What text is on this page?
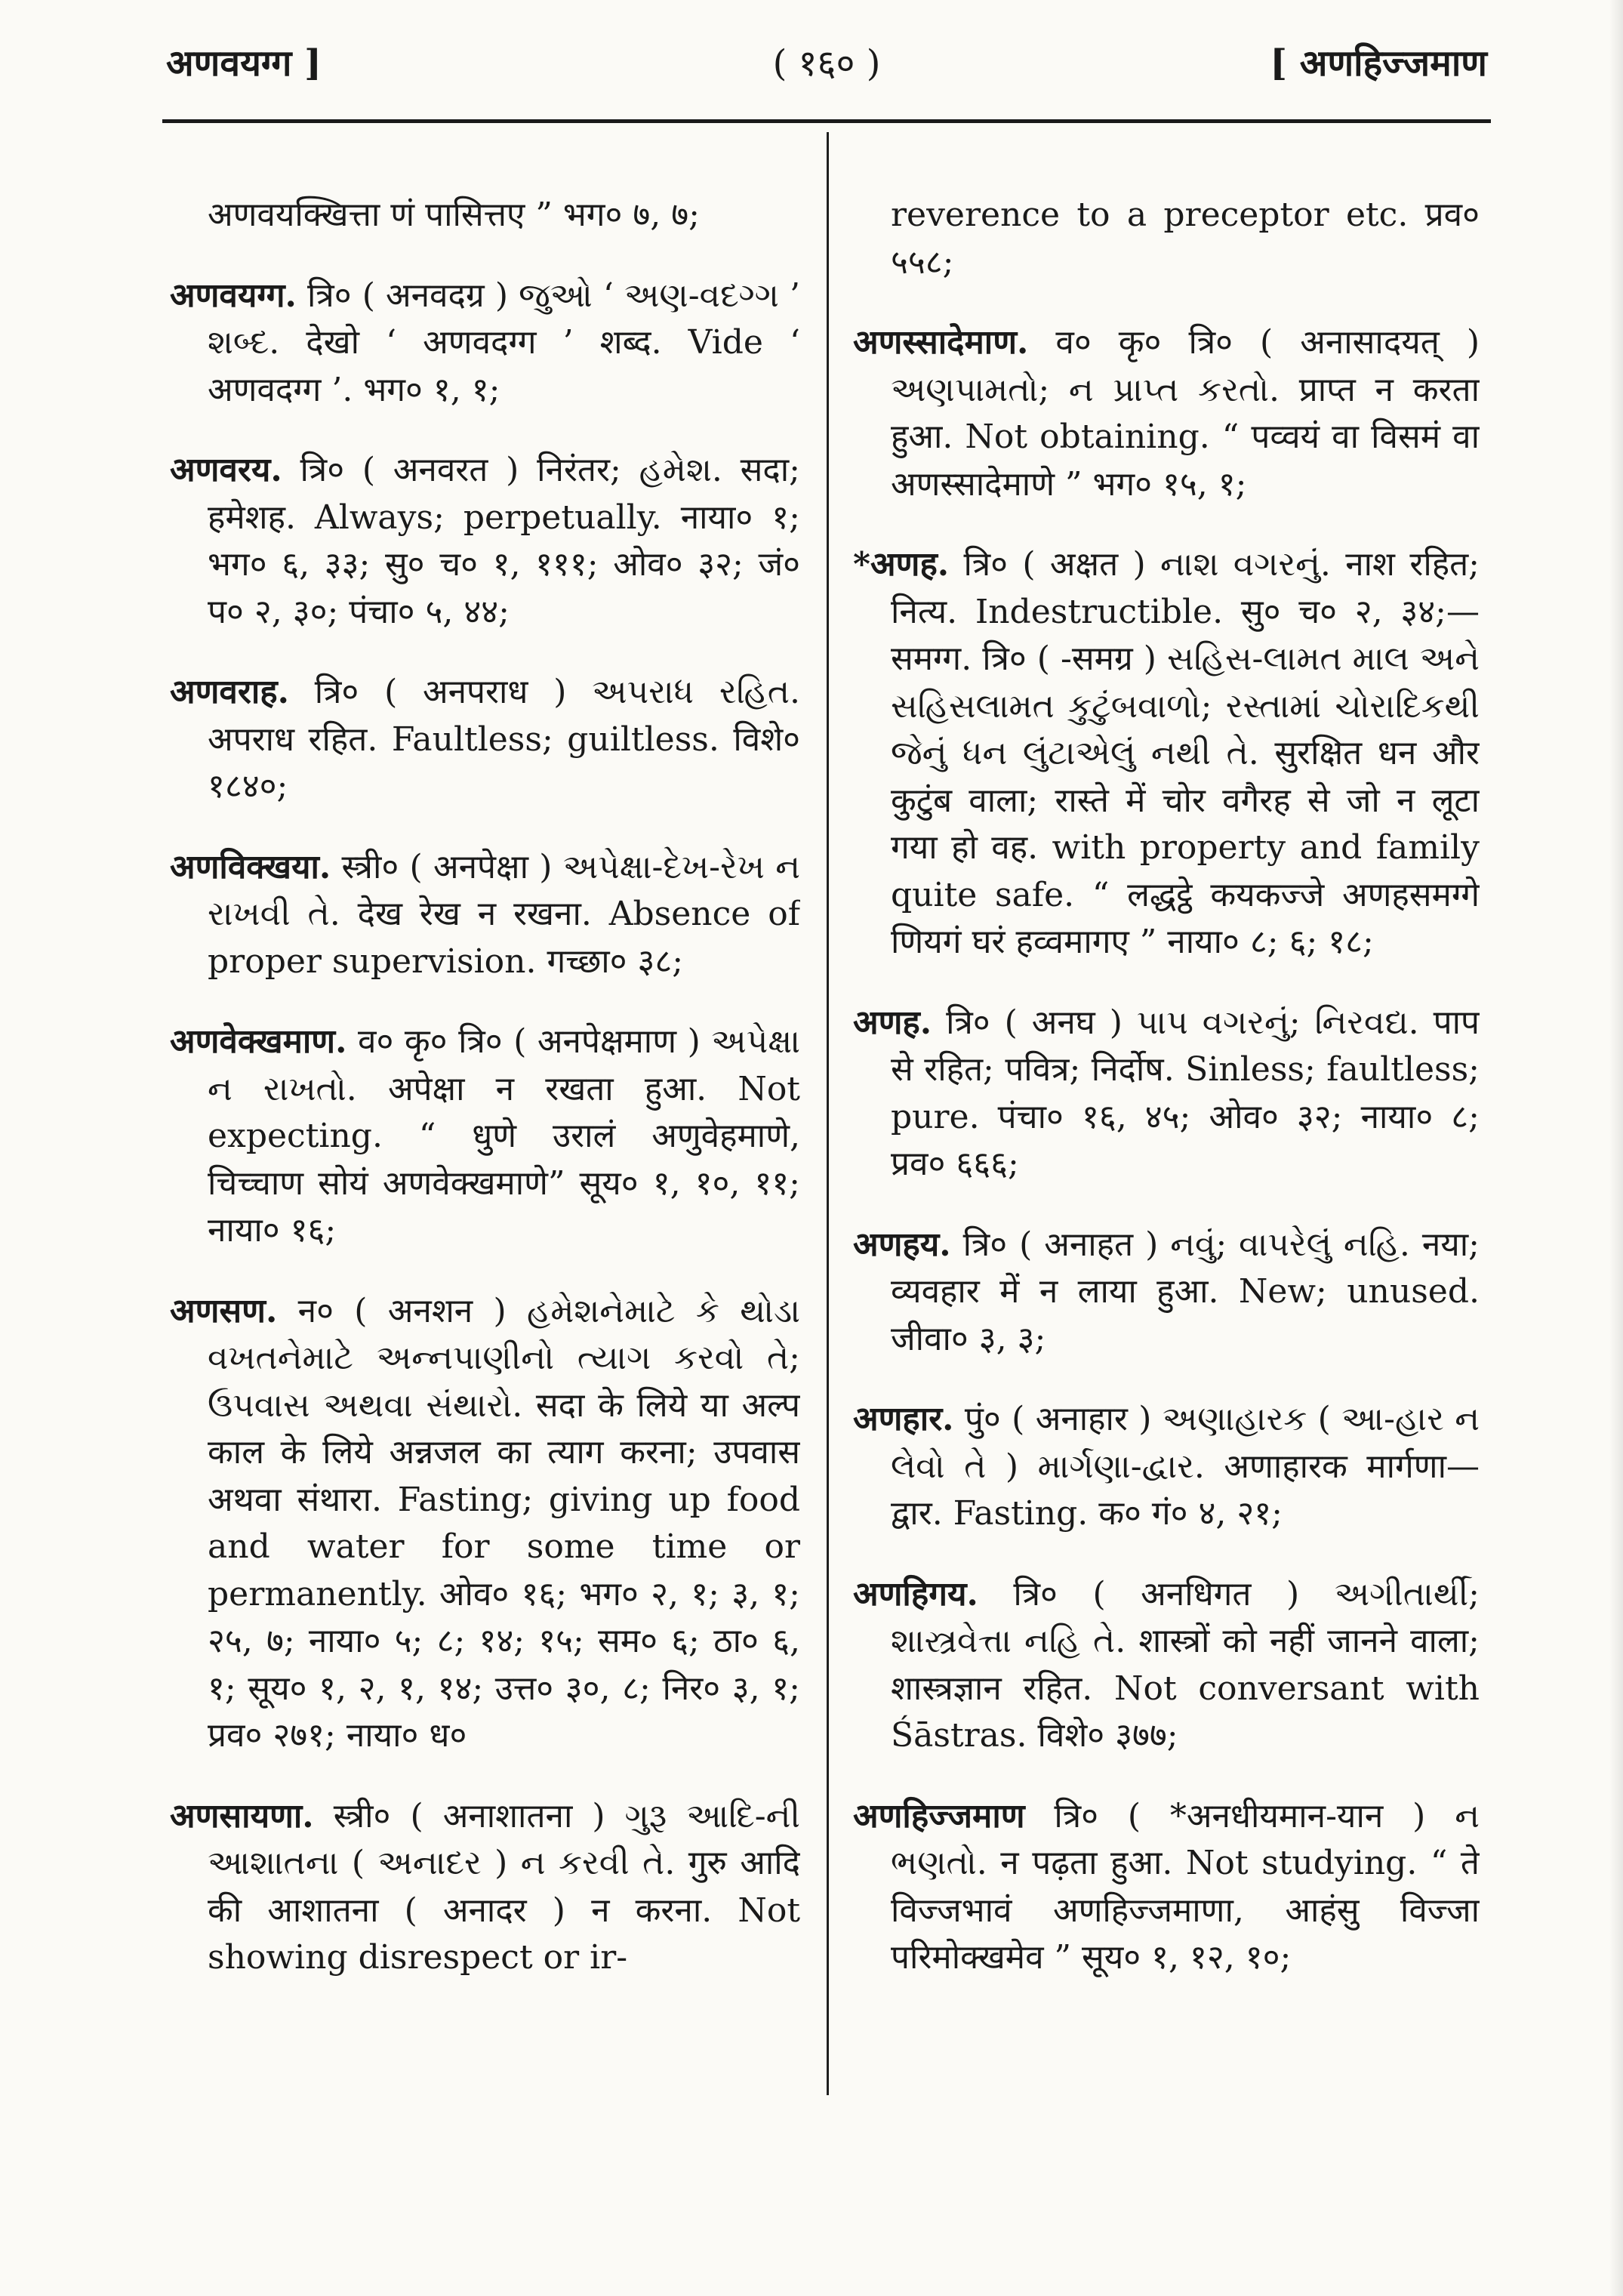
अणवयग्ग ]	( १६० )	[ अणहिज्जमाण

अणवयक्खित्ता णं पासित्तए ” भग० ७, ७;

अणवयग्ग. त्रि० ( अनवदग्र ) જુઓ ‘ અણ-વદગ્ગ ’ શબ્દ. देखो ‘ अणवदग्ग ’ शब्द. Vide ‘ अणवदग्ग ’. भग० १, १;

अणवरय. त्रि० ( अनवरत ) निरंतर; હમેશ. सदा; हमेशह. Always; perpetually. नाया० १; भग० ६, ३३; सु० च० १, १११; ओव० ३२; जं० प० २, ३०; पंचा० ५, ४४;

अणवराह. त्रि० ( अनपराध ) અપરાધ રહિત. अपराध रहित. Faultless; guiltless. विशे० १८४०;

अणविक्खया. स्त्री० ( अनपेक्षा ) અપેક્ષા-દેખ-રેખ ન રાખવી તે. देख रेख न रखना. Absence of proper supervision. गच्छा० ३८;

अणवेक्खमाण. व० कृ० त्रि० ( अनपेक्षमाण ) અપેક્ષા ન રાખતો. अपेक्षा न रखता हुआ. Not expecting. “ धुणे उरालं अणुवेहमाणे, चिच्चाण सोयं अणवेक्खमाणे” सूय० १, १०, ११; नाया० १६;

अणसण. न० ( अनशन ) હમેશનેમાટે કે થોડા વખતનેમાટે અન્નપાણીનો ત્યાગ કરવો તે; ઉપવાસ અથવા સંથારો. सदा के लिये या अल्प काल के लिये अन्नजल का त्याग करना; उपवास अथवा संथारा. Fasting; giving up food and water for some time or permanently. ओव० १६; भग० २, १; ३, १; २५, ७; नाया० ५; ८; १४; १५; सम० ६; ठा० ६, १; सूय० १, २, १, १४; उत्त० ३०, ८; निर० ३, १; प्रव० २७१; नाया० ध०

अणसायणा. स्त्री० ( अनाशातना ) ગુરૂ આદિ-ની આશાતના ( અનાદર ) ન કરવી તે. गुरु आदि की आशातना ( अनादर ) न करना. Not showing disrespect or ir-

reverence to a preceptor etc. प्रव० ५५८;

अणस्सादेमाण. व० कृ० त्रि० ( अनासादयत् ) અણપામતો; ન પ્રાપ્ત કરતો. प्राप्त न करता हुआ. Not obtaining. “ पव्वयं वा विसमं वा अणस्सादेमाणे ” भग० १५, १;

*अणह. त्रि० ( अक्षत ) નાશ વગરનું. नाश रहित; नित्य. Indestructible. सु० च० २, ३४;—समग्ग. त्रि० ( -समग्र ) સહિસ-લામત માલ અને સહિસલામત કુટુંબવાળો; રસ્તામાં ચોરાદિકથી જેનું ધન લુંટાએલું નથી તે. सुरक्षित धन और कुटुंब वाला; रास्ते में चोर वगैरह से जो न लूटा गया हो वह. with property and family quite safe. “ लद्धट्ठे कयकज्जे अणहसमग्गे णियगं घरं हव्वमागए ” नाया० ८; ६; १८;

अणह. त्रि० ( अनघ ) પાપ વગરનું; નિરવદ્ય. पाप से रहित; पवित्र; निर्दोष. Sinless; faultless; pure. पंचा० १६, ४५; ओव० ३२; नाया० ८; प्रव० ६६६;

अणहय. त्रि० ( अनाहत ) નવું; વાપરેલું નહિ. नया; व्यवहार में न लाया हुआ. New; unused. जीवा० ३, ३;

अणहार. पुं० ( अनाहार ) અણાહારક ( આ-હાર ન લેવો તે ) માર્ગણા-દ્વાર. अणाहारक मार्गणा—द्वार. Fasting. क० गं० ४, २१;

अणहिगय. त्रि० ( अनधिगत ) અગીતાર્થી; શાસ્ત્રવેત્તા નહિ તે. शास्त्रों को नहीं जानने वाला; शास्त्रज्ञान रहित. Not conversant with Śāstras. विशे० ३७७;

अणहिज्जमाण त्रि० ( *अनधीयमान-यान ) ન ભણતો. न पढ़ता हुआ. Not studying. “ ते विज्जभावं अणहिज्जमाणा, आहंसु विज्जा परिमोक्खमेव ” सूय० १, १२, १०;
